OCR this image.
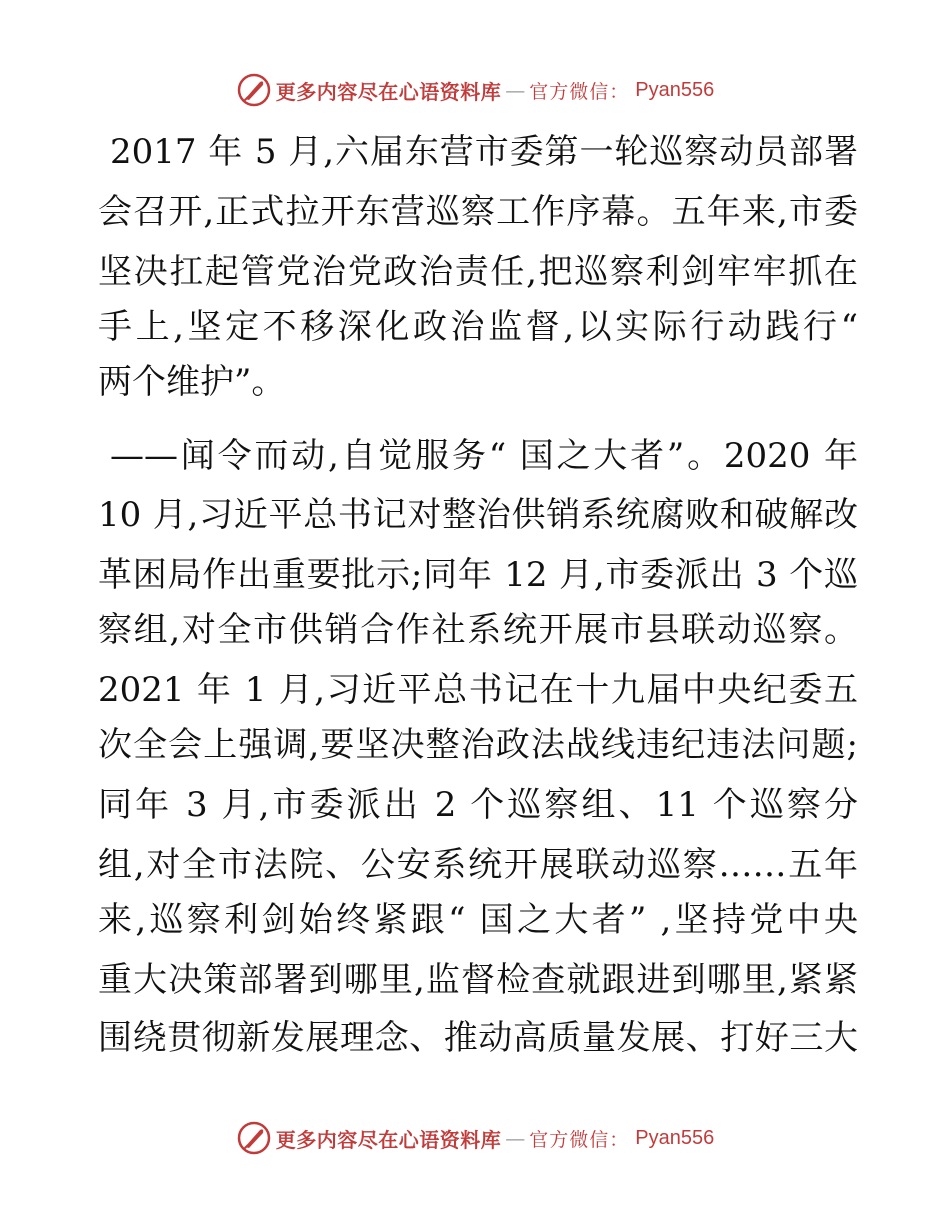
更多内容尽在心语资料库 — 官方微信： Pyan556
2017 年 5 月,六届东营市委第一轮巡察动员部署
会召开,正式拉开东营巡察工作序幕。五年来,市委
坚决扛起管党治党政治责任,把巡察利剑牢牢抓在
手上,坚定不移深化政治监督,以实际行动践行“
两个维护”。
——闻令而动,自觉服务“ 国之大者”。2020 年
10 月,习近平总书记对整治供销系统腐败和破解改
革困局作出重要批示;同年 12 月,市委派出 3 个巡
察组,对全市供销合作社系统开展市县联动巡察。
2021 年 1 月,习近平总书记在十九届中央纪委五
次全会上强调,要坚决整治政法战线违纪违法问题;
同年 3 月,市委派出 2 个巡察组、11 个巡察分
组,对全市法院、公安系统开展联动巡察……五年
来,巡察利剑始终紧跟“ 国之大者” ,坚持党中央
重大决策部署到哪里,监督检查就跟进到哪里,紧紧
围绕贯彻新发展理念、推动高质量发展、打好三大
更多内容尽在心语资料库 — 官方微信： Pyan556
